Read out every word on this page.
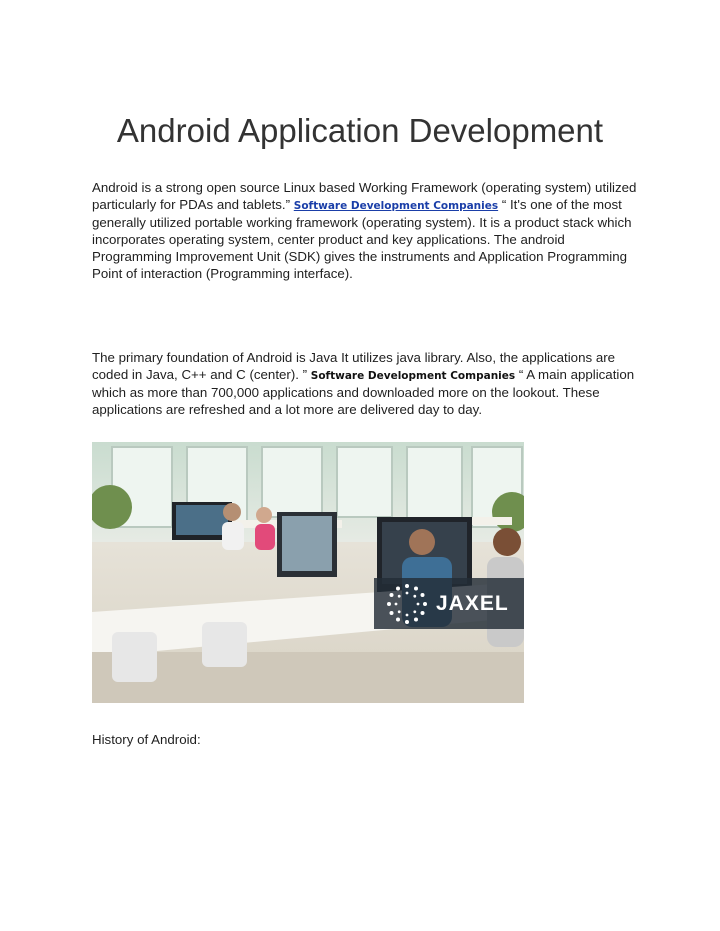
Android Application Development

Android is a strong open source Linux based Working Framework (operating system) utilized particularly for PDAs and tablets.” Software Development Companies “ It's one of the most generally utilized portable working framework (operating system). It is a product stack which incorporates operating system, center product and key applications. The android Programming Improvement Unit (SDK) gives the instruments and Application Programming Point of interaction (Programming interface).

The primary foundation of Android is Java It utilizes java library. Also, the applications are coded in Java, C++ and C (center). ” Software Development Companies “ A main application which as more than 700,000 applications and downloaded more on the lookout. These applications are refreshed and a lot more are delivered day to day.

JAXEL

History of Android:
